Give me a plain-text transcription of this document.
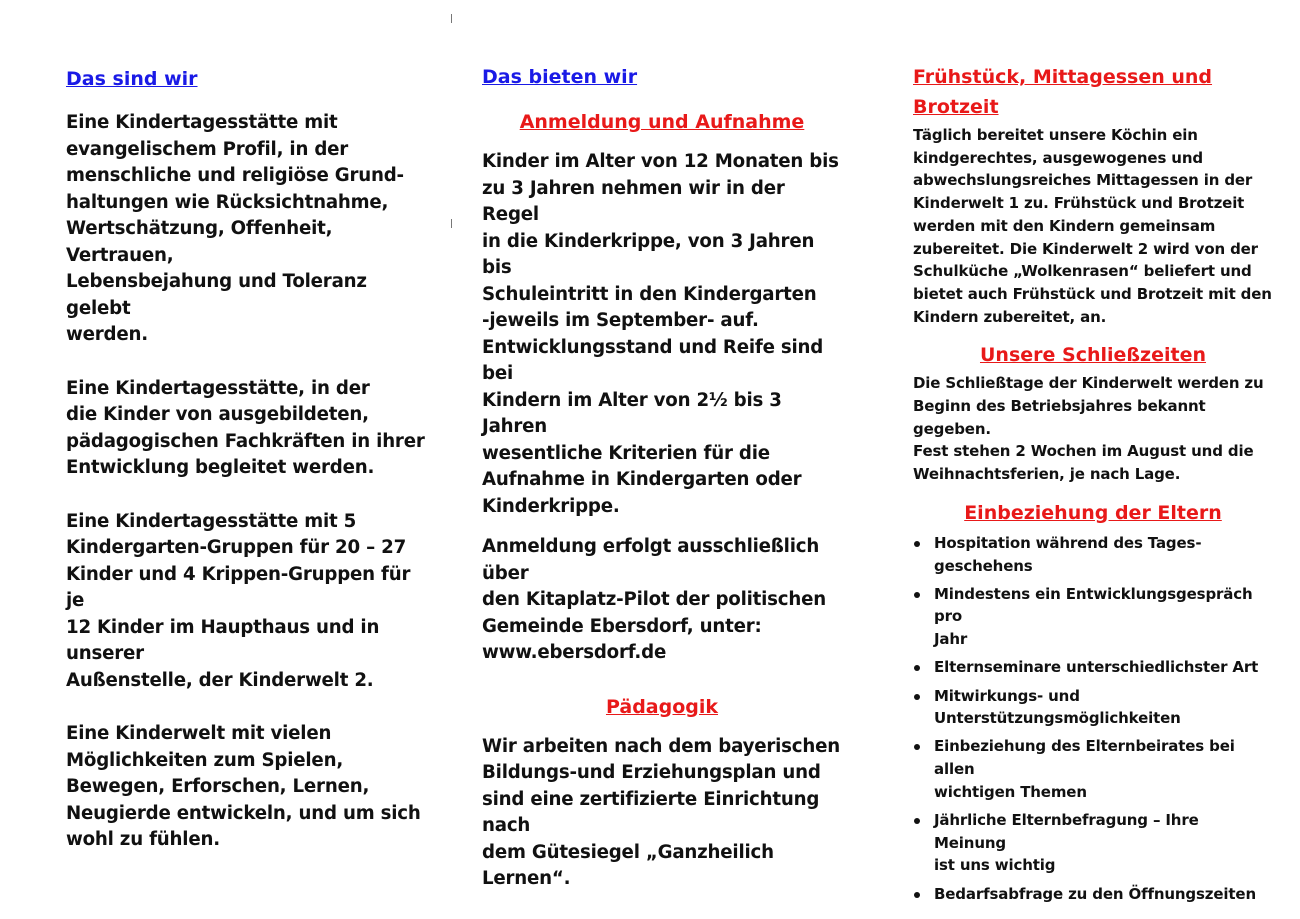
Das sind wir
Eine Kindertagesstätte mit
evangelischem Profil, in der
menschliche und religiöse Grund-
haltungen wie Rücksichtnahme,
Wertschätzung, Offenheit, Vertrauen,
Lebensbejahung und Toleranz gelebt
werden.
Eine Kindertagesstätte, in der
die Kinder von ausgebildeten,
pädagogischen Fachkräften in ihrer
Entwicklung begleitet werden.
Eine Kindertagesstätte mit 5
Kindergarten-Gruppen für 20 – 27
Kinder und 4 Krippen-Gruppen für je
12 Kinder im Haupthaus und in unserer
Außenstelle, der Kinderwelt 2.
Eine Kinderwelt mit vielen
Möglichkeiten zum Spielen,
Bewegen, Erforschen, Lernen,
Neugierde entwickeln, und um sich
wohl zu fühlen.
Das bieten wir
Anmeldung und Aufnahme
Kinder im Alter von 12 Monaten bis
zu 3 Jahren nehmen wir in der Regel
in die Kinderkrippe, von 3 Jahren bis
Schuleintritt in den Kindergarten
-jeweils im September- auf.
Entwicklungsstand und Reife sind bei
Kindern im Alter von 2½ bis 3 Jahren
wesentliche Kriterien für die
Aufnahme in Kindergarten oder
Kinderkrippe.
Anmeldung erfolgt ausschließlich über
den Kitaplatz-Pilot der politischen
Gemeinde Ebersdorf, unter:
www.ebersdorf.de
Pädagogik
Wir arbeiten nach dem bayerischen
Bildungs-und Erziehungsplan und
sind eine zertifizierte Einrichtung nach
dem Gütesiegel „Ganzheilich Lernen“.
Frühstück, Mittagessen und Brotzeit
Täglich bereitet unsere Köchin ein
kindgerechtes, ausgewogenes und
abwechslungsreiches Mittagessen in der
Kinderwelt 1 zu. Frühstück und Brotzeit
werden mit den Kindern gemeinsam
zubereitet. Die Kinderwelt 2 wird von der
Schulküche „Wolkenrasen“ beliefert und
bietet auch Frühstück und Brotzeit mit den
Kindern zubereitet, an.
Unsere Schließzeiten
Die Schließtage der Kinderwelt werden zu
Beginn des Betriebsjahres bekannt gegeben.
Fest stehen 2 Wochen im August und die
Weihnachtsferien, je nach Lage.
Einbeziehung der Eltern
Hospitation während des Tages-
geschehens
Mindestens ein Entwicklungsgespräch pro
Jahr
Elternseminare unterschiedlichster Art
Mitwirkungs- und
Unterstützungsmöglichkeiten
Einbeziehung des Elternbeirates bei allen
wichtigen Themen
Jährliche Elternbefragung – Ihre Meinung
ist uns wichtig
Bedarfsabfrage zu den Öffnungszeiten
